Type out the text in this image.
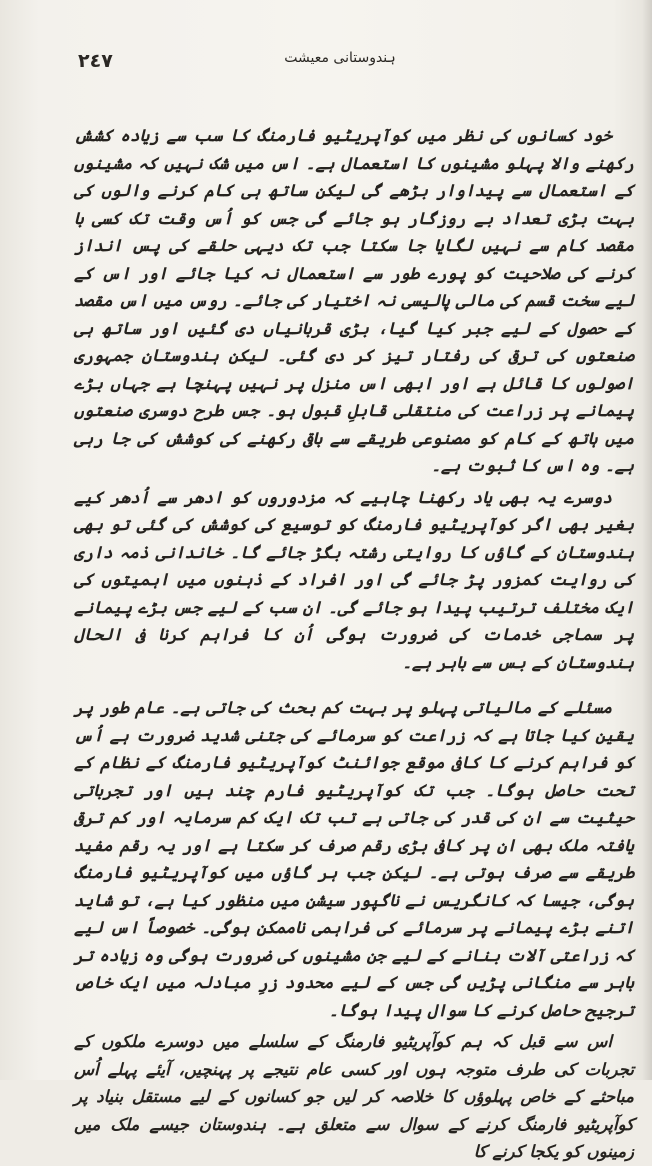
٢٤٧	ہندوستانی معیشت

خود کسانوں کی نظر میں کوآپریٹیو فارمنگ کا سب سے زیادہ کشش رکھنے والا پہلو مشینوں کا استعمال ہے۔ اس میں شک نہیں کہ مشینوں کے استعمال سے پیداوار بڑھے گی لیکن ساتھ ہی کام کرنے والوں کی بہت بڑی تعداد بے روزگار ہو جائے گی جس کو اُس وقت تک کسی با مقصد کام سے نہیں لگایا جا سکتا جب تک دیہی حلقے کی پس انداز کرنے کی صلاحیت کو پورے طور سے استعمال نہ کیا جائے اور اس کے لیے سخت قسم کی مالی پالیسی نہ اختیار کی جائے۔ روس میں اس مقصد کے حصول کے لیے جبر کیا گیا، بڑی قربانیاں دی گئیں اور ساتھ ہی صنعتوں کی ترقی کی رفتار تیز کر دی گئی۔ لیکن ہندوستان جمہوری اصولوں کا قائل ہے اور ابھی اس منزل پر نہیں پہنچا ہے جہاں بڑے پیمانے پر زراعت کی منتقلی قابلِ قبول ہو۔ جس طرح دوسری صنعتوں میں ہاتھ کے کام کو مصنوعی طریقے سے باقی رکھنے کی کوشش کی جا رہی ہے۔ وہ اس کا ثبوت ہے۔

دوسرے یہ بھی یاد رکھنا چاہیے کہ مزدوروں کو ادھر سے اُدھر کیے بغیر بھی اگر کوآپریٹیو فارمنگ کو توسیع کی کوشش کی گئی تو بھی ہندوستان کے گاؤں کا روایتی رشتہ بگڑ جائے گا۔ خاندانی ذمہ داری کی روایت کمزور پڑ جائے گی اور افراد کے ذہنوں میں اہمیتوں کی ایک مختلف ترتیب پیدا ہو جائے گی۔ ان سب کے لیے جس بڑے پیمانے پر سماجی خدمات کی ضرورت ہوگی اُن کا فراہم کرنا فی الحال ہندوستان کے بس سے باہر ہے۔

مسئلے کے مالیاتی پہلو پر بہت کم بحث کی جاتی ہے۔ عام طور پر یقین کیا جاتا ہے کہ زراعت کو سرمائے کی جتنی شدید ضرورت ہے اُس کو فراہم کرنے کا کافی موقع جوائنٹ کوآپریٹیو فارمنگ کے نظام کے تحت حاصل ہوگا۔ جب تک کوآپریٹیو فارم چند ہیں اور تجرباتی حیثیت سے ان کی قدر کی جاتی ہے تب تک ایک کم سرمایہ اور کم ترقی یافتہ ملک بھی ان پر کافی بڑی رقم صرف کر سکتا ہے اور یہ رقم مفید طریقے سے صرف ہوتی ہے۔ لیکن جب ہر گاؤں میں کوآپریٹیو فارمنگ ہوگی، جیسا کہ کانگریس نے ناگپور سیشن میں منظور کیا ہے، تو شاید اتنے بڑے پیمانے پر سرمائے کی فراہمی ناممکن ہوگی۔ خصوصاً اس لیے کہ زراعتی آلات بنانے کے لیے جن مشینوں کی ضرورت ہوگی وہ زیادہ تر باہر سے منگانی پڑیں گی جس کے لیے محدود زرِ مبادلہ میں ایک خاص ترجیح حاصل کرنے کا سوال پیدا ہوگا۔

اس سے قبل کہ ہم کوآپریٹیو فارمنگ کے سلسلے میں دوسرے ملکوں کے تجربات کی طرف متوجہ ہوں اور کسی عام نتیجے پر پہنچیں، آیئے پہلے اُس مباحثے کے خاص پہلوؤں کا خلاصہ کر لیں جو کسانوں کے لیے مستقل بنیاد پر کوآپریٹیو فارمنگ کرنے کے سوال سے متعلق ہے۔ ہندوستان جیسے ملک میں زمینوں کو یکجا کرنے کا
